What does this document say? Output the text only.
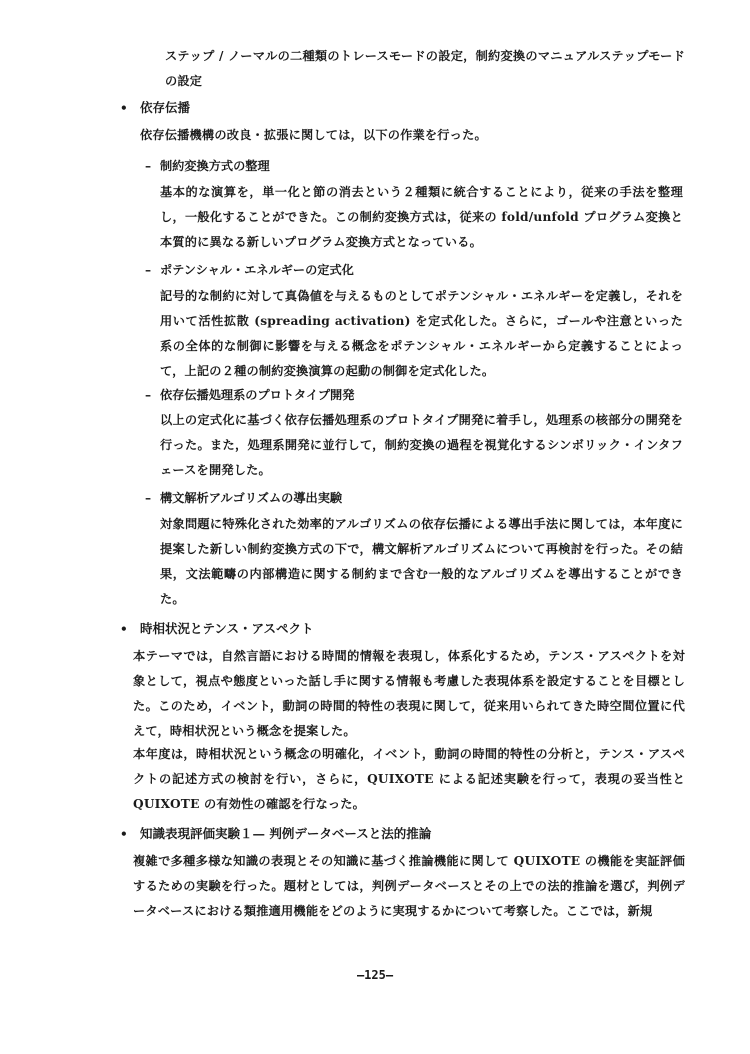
ステップ / ノーマルの二種類のトレースモードの設定，制約変換のマニュアルステップモードの設定

• 依存伝播

依存伝播機構の改良・拡張に関しては，以下の作業を行った。

– 制約変換方式の整理

基本的な演算を，単一化と節の消去という２種類に統合することにより，従来の手法を整理し，一般化することができた。この制約変換方式は，従来の fold/unfold プログラム変換と本質的に異なる新しいプログラム変換方式となっている。

– ポテンシャル・エネルギーの定式化

記号的な制約に対して真偽値を与えるものとしてポテンシャル・エネルギーを定義し，それを用いて活性拡散 (spreading activation) を定式化した。さらに，ゴールや注意といった系の全体的な制御に影響を与える概念をポテンシャル・エネルギーから定義することによって，上記の２種の制約変換演算の起動の制御を定式化した。

– 依存伝播処理系のプロトタイプ開発

以上の定式化に基づく依存伝播処理系のプロトタイプ開発に着手し，処理系の核部分の開発を行った。また，処理系開発に並行して，制約変換の過程を視覚化するシンボリック・インタフェースを開発した。

– 構文解析アルゴリズムの導出実験

対象問題に特殊化された効率的アルゴリズムの依存伝播による導出手法に関しては，本年度に提案した新しい制約変換方式の下で，構文解析アルゴリズムについて再検討を行った。その結果，文法範疇の内部構造に関する制約まで含む一般的なアルゴリズムを導出することができた。

• 時相状況とテンス・アスペクト

本テーマでは，自然言語における時間的情報を表現し，体系化するため，テンス・アスペクトを対象として，視点や態度といった話し手に関する情報も考慮した表現体系を設定することを目標とした。このため，イベント，動詞の時間的特性の表現に関して，従来用いられてきた時空間位置に代えて，時相状況という概念を提案した。

本年度は，時相状況という概念の明確化，イベント，動詞の時間的特性の分析と，テンス・アスペクトの記述方式の検討を行い，さらに，QUIXOTE による記述実験を行って，表現の妥当性と QUIXOTE の有効性の確認を行なった。

• 知識表現評価実験１— 判例データベースと法的推論

複雑で多種多様な知識の表現とその知識に基づく推論機能に関して QUIXOTE の機能を実証評価するための実験を行った。題材としては，判例データベースとその上での法的推論を選び，判例データベースにおける類推適用機能をどのように実現するかについて考察した。ここでは，新規

—125—
